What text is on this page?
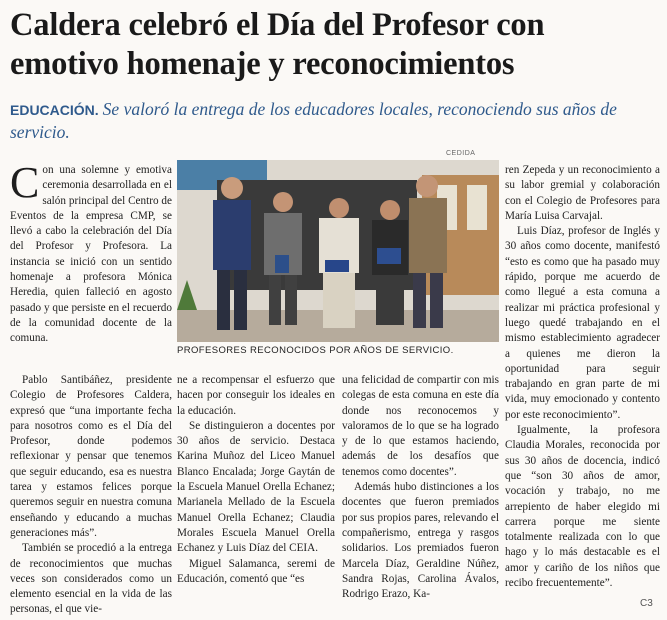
Caldera celebró el Día del Profesor con emotivo homenaje y reconocimientos
EDUCACIÓN. Se valoró la entrega de los educadores locales, reconociendo sus años de servicio.

Con una solemne y emotiva ceremonia desarrollada en el salón principal del Centro de Eventos de la empresa CMP, se llevó a cabo la celebración del Día del Profesor y Profesora. La instancia se inició con un sentido homenaje a profesora Mónica Heredia, quien falleció en agosto pasado y que persiste en el recuerdo de la comunidad docente de la comuna.

Pablo Santibáñez, presidente Colegio de Profesores Caldera, expresó que “una importante fecha para nosotros como es el Día del Profesor, donde podemos reflexionar y pensar que tenemos que seguir educando, esa es nuestra tarea y estamos felices porque queremos seguir en nuestra comuna enseñando y educando a muchas generaciones más”.

También se procedió a la entrega de reconocimientos que muchas veces son considerados como un elemento esencial en la vida de las personas, el que vie-

CEDIDA
PROFESORES RECONOCIDOS POR AÑOS DE SERVICIO.

ne a recompensar el esfuerzo que hacen por conseguir los ideales en la educación.

Se distinguieron a docentes por 30 años de servicio. Destaca Karina Muñoz del Liceo Manuel Blanco Encalada; Jorge Gaytán de la Escuela Manuel Orella Echanez; Marianela Mellado de la Escuela Manuel Orella Echanez; Claudia Morales Escuela Manuel Orella Echanez y Luis Díaz del CEIA.

Miguel Salamanca, seremi de Educación, comentó que “es

una felicidad de compartir con mis colegas de esta comuna en este día donde nos reconocemos y valoramos de lo que se ha logrado y de lo que estamos haciendo, además de los desafíos que tenemos como docentes”.

Además hubo distinciones a los docentes que fueron premiados por sus propios pares, relevando el compañerismo, entrega y rasgos solidarios. Los premiados fueron Marcela Díaz, Geraldine Núñez, Sandra Rojas, Carolina Ávalos, Rodrigo Erazo, Ka-

ren Zepeda y un reconocimiento a su labor gremial y colaboración con el Colegio de Profesores para María Luisa Carvajal.

Luis Díaz, profesor de Inglés y 30 años como docente, manifestó “esto es como que ha pasado muy rápido, porque me acuerdo de como llegué a esta comuna a realizar mi práctica profesional y luego quedé trabajando en el mismo establecimiento agradecer a quienes me dieron la oportunidad para seguir trabajando en gran parte de mi vida, muy emocionado y contento por este reconocimiento”.

Igualmente, la profesora Claudia Morales, reconocida por sus 30 años de docencia, indicó que “son 30 años de amor, vocación y trabajo, no me arrepiento de haber elegido mi carrera porque me siente totalmente realizada con lo que hago y lo más destacable es el amor y cariño de los niños que recibo frecuentemente”.

C3
